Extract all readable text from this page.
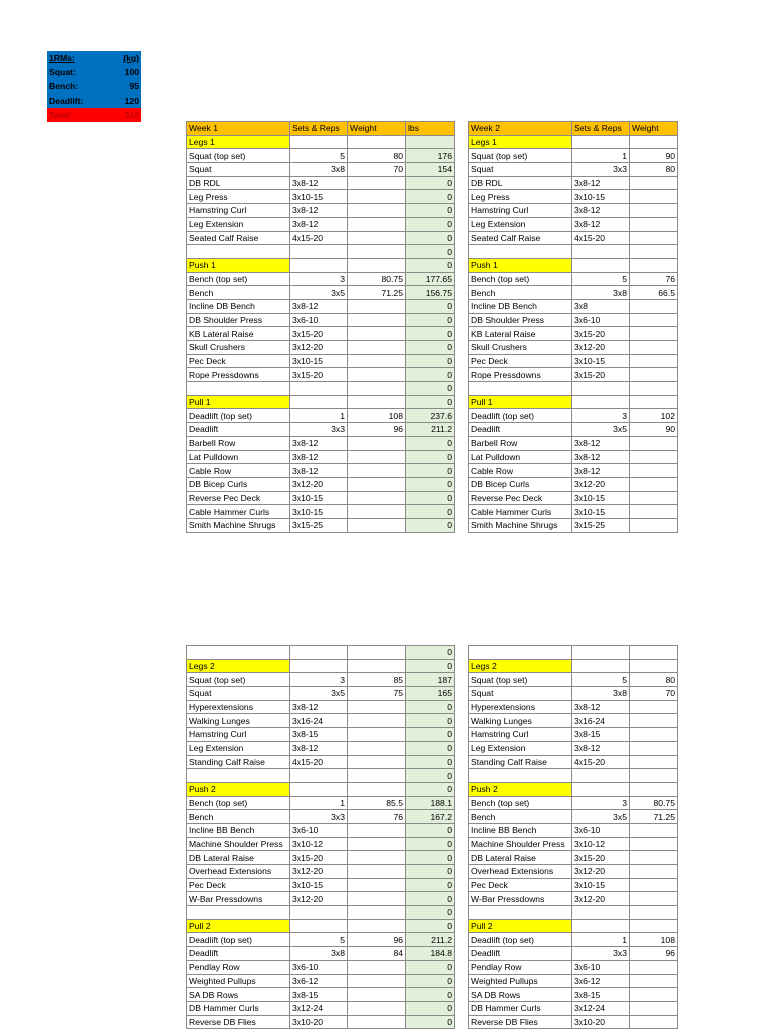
1RMs:	(kg)
Squat:	100
Bench:	95
Deadlift:	120
Total:	315
Week 1	Sets & Reps	Weight	lbs
Legs 1			
Squat (top set)	5	80	176
Squat	3x8	70	154
DB RDL	3x8-12		0
Leg Press	3x10-15		0
Hamstring Curl	3x8-12		0
Leg Extension	3x8-12		0
Seated Calf Raise	4x15-20		0
			0
Push 1			0
Bench (top set)	3	80.75	177.65
Bench	3x5	71.25	156.75
Incline DB Bench	3x8-12		0
DB Shoulder Press	3x6-10		0
KB Lateral Raise	3x15-20		0
Skull Crushers	3x12-20		0
Pec Deck	3x10-15		0
Rope Pressdowns	3x15-20		0
			0
Pull 1			0
Deadlift (top set)	1	108	237.6
Deadlift	3x3	96	211.2
Barbell Row	3x8-12		0
Lat Pulldown	3x8-12		0
Cable Row	3x8-12		0
DB Bicep Curls	3x12-20		0
Reverse Pec Deck	3x10-15		0
Cable Hammer Curls	3x10-15		0
Smith Machine Shrugs	3x15-25		0
Week 2	Sets & Reps	Weight
Legs 1		
Squat (top set)	1	90
Squat	3x3	80
DB RDL	3x8-12	
Leg Press	3x10-15	
Hamstring Curl	3x8-12	
Leg Extension	3x8-12	
Seated Calf Raise	4x15-20	

Push 1		
Bench (top set)	5	76
Bench	3x8	66.5
Incline DB Bench	3x8	
DB Shoulder Press	3x6-10	
KB Lateral Raise	3x15-20	
Skull Crushers	3x12-20	
Pec Deck	3x10-15	
Rope Pressdowns	3x15-20	

Pull 1		
Deadlift (top set)	3	102
Deadlift	3x5	90
Barbell Row	3x8-12	
Lat Pulldown	3x8-12	
Cable Row	3x8-12	
DB Bicep Curls	3x12-20	
Reverse Pec Deck	3x10-15	
Cable Hammer Curls	3x10-15	
Smith Machine Shrugs	3x15-25	
			0
Legs 2			0
Squat (top set)	3	85	187
Squat	3x5	75	165
Hyperextensions	3x8-12		0
Walking Lunges	3x16-24		0
Hamstring Curl	3x8-15		0
Leg Extension	3x8-12		0
Standing Calf Raise	4x15-20		0
			0
Push 2			0
Bench (top set)	1	85.5	188.1
Bench	3x3	76	167.2
Incline BB Bench	3x6-10		0
Machine Shoulder Press	3x10-12		0
DB Lateral Raise	3x15-20		0
Overhead Extensions	3x12-20		0
Pec Deck	3x10-15		0
W-Bar Pressdowns	3x12-20		0
			0
Pull 2			0
Deadlift (top set)	5	96	211.2
Deadlift	3x8	84	184.8
Pendlay Row	3x6-10		0
Weighted Pullups	3x6-12		0
SA DB Rows	3x8-15		0
DB Hammer Curls	3x12-24		0
Reverse DB Flies	3x10-20		0

Legs 2		
Squat (top set)	5	80
Squat	3x8	70
Hyperextensions	3x8-12	
Walking Lunges	3x16-24	
Hamstring Curl	3x8-15	
Leg Extension	3x8-12	
Standing Calf Raise	4x15-20	

Push 2		
Bench (top set)	3	80.75
Bench	3x5	71.25
Incline BB Bench	3x6-10	
Machine Shoulder Press	3x10-12	
DB Lateral Raise	3x15-20	
Overhead Extensions	3x12-20	
Pec Deck	3x10-15	
W-Bar Pressdowns	3x12-20	

Pull 2		
Deadlift (top set)	1	108
Deadlift	3x3	96
Pendlay Row	3x6-10	
Weighted Pullups	3x6-12	
SA DB Rows	3x8-15	
DB Hammer Curls	3x12-24	
Reverse DB Flies	3x10-20	
